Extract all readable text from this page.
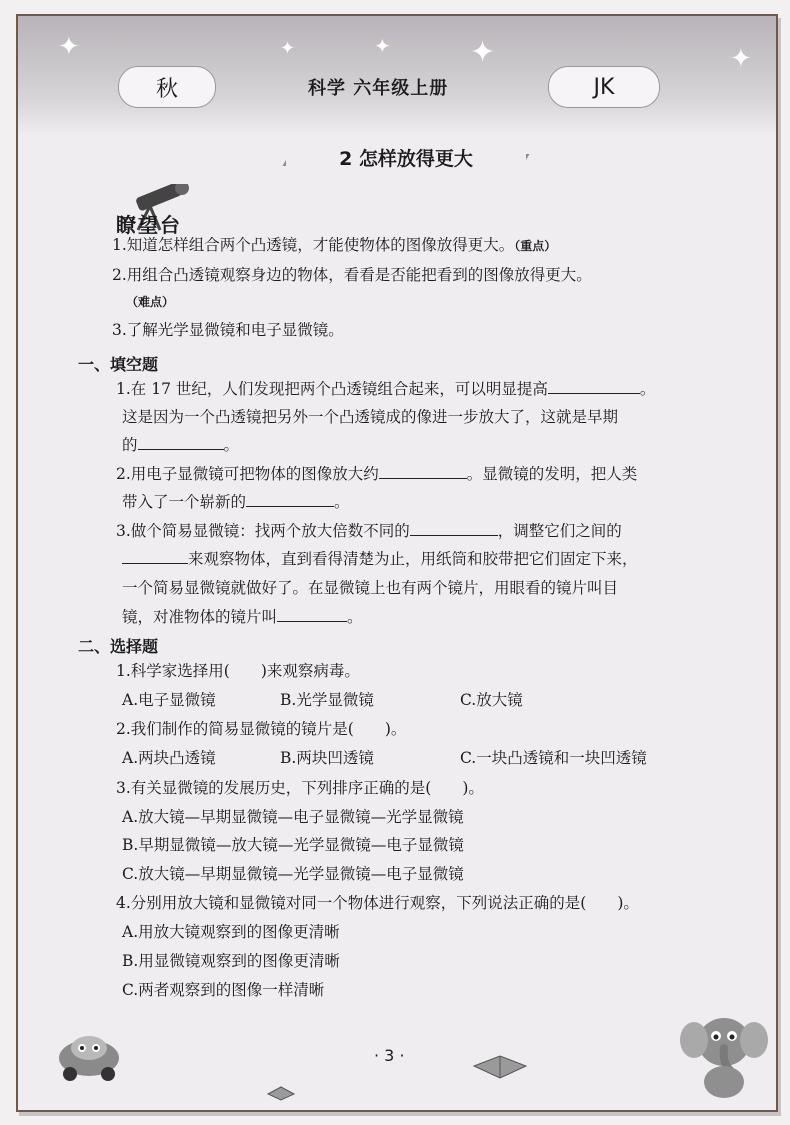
✦	✦	✦	✦	✦
秋	科学 六年级上册	JK
2 怎样放得更大
瞭望台
1.知道怎样组合两个凸透镜，才能使物体的图像放得更大。（重点）
2.用组合凸透镜观察身边的物体，看看是否能把看到的图像放得更大。
（难点）
3.了解光学显微镜和电子显微镜。
一、填空题
1.在 17 世纪，人们发现把两个凸透镜组合起来，可以明显提高	。
这是因为一个凸透镜把另外一个凸透镜成的像进一步放大了，这就是早期
的	。
2.用电子显微镜可把物体的图像放大约	。显微镜的发明，把人类
带入了一个崭新的	。
3.做个简易显微镜：找两个放大倍数不同的	，调整它们之间的
来观察物体，直到看得清楚为止，用纸筒和胶带把它们固定下来，
一个简易显微镜就做好了。在显微镜上也有两个镜片，用眼看的镜片叫目
镜，对准物体的镜片叫	。
二、选择题
1.科学家选择用(　　)来观察病毒。
A.电子显微镜	B.光学显微镜	C.放大镜
2.我们制作的简易显微镜的镜片是(　　)。
A.两块凸透镜	B.两块凹透镜	C.一块凸透镜和一块凹透镜
3.有关显微镜的发展历史，下列排序正确的是(　　)。
A.放大镜—早期显微镜—电子显微镜—光学显微镜
B.早期显微镜—放大镜—光学显微镜—电子显微镜
C.放大镜—早期显微镜—光学显微镜—电子显微镜
4.分别用放大镜和显微镜对同一个物体进行观察，下列说法正确的是(　　)。
A.用放大镜观察到的图像更清晰
B.用显微镜观察到的图像更清晰
C.两者观察到的图像一样清晰
· 3 ·
